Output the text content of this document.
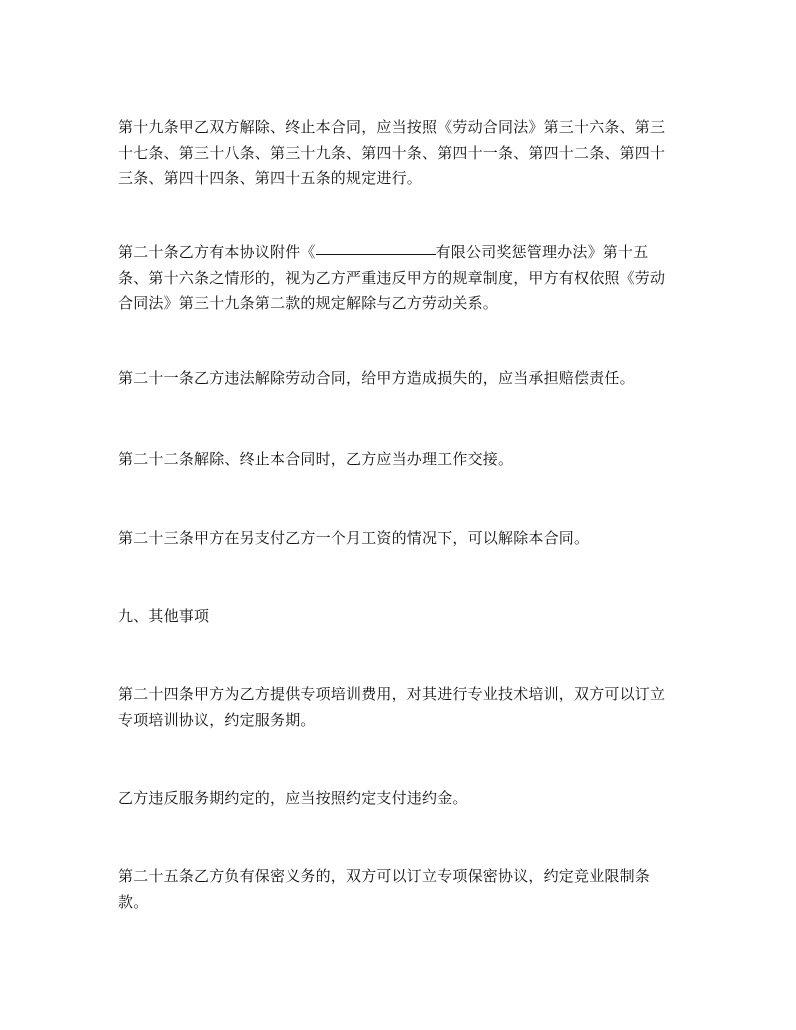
第十九条甲乙双方解除、终止本合同，应当按照《劳动合同法》第三十六条、第三
十七条、第三十八条、第三十九条、第四十条、第四十一条、第四十二条、第四十
三条、第四十四条、第四十五条的规定进行。

第二十条乙方有本协议附件《	有限公司奖惩管理办法》第十五
条、第十六条之情形的，视为乙方严重违反甲方的规章制度，甲方有权依照《劳动
合同法》第三十九条第二款的规定解除与乙方劳动关系。

第二十一条乙方违法解除劳动合同，给甲方造成损失的，应当承担赔偿责任。

第二十二条解除、终止本合同时，乙方应当办理工作交接。

第二十三条甲方在另支付乙方一个月工资的情况下，可以解除本合同。

九、其他事项

第二十四条甲方为乙方提供专项培训费用，对其进行专业技术培训，双方可以订立
专项培训协议，约定服务期。

乙方违反服务期约定的，应当按照约定支付违约金。

第二十五条乙方负有保密义务的，双方可以订立专项保密协议，约定竞业限制条
款。
